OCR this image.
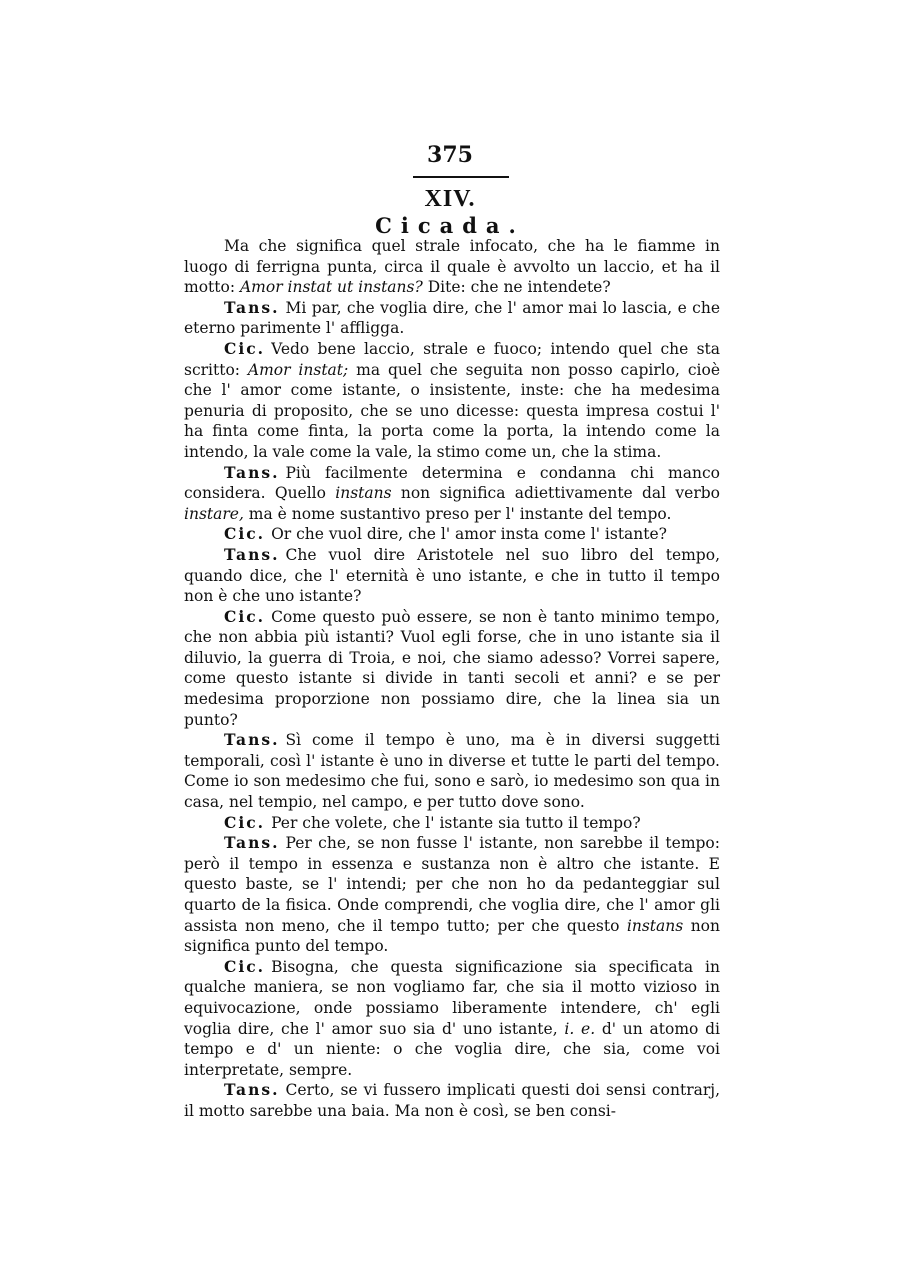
375
XIV.
Cicada.

Ma che significa quel strale infocato, che ha le fiamme in luogo di ferrigna punta, circa il quale è avvolto un laccio, et ha il motto: Amor instat ut instans? Dite: che ne intendete?

Tans. Mi par, che voglia dire, che l' amor mai lo lascia, e che eterno parimente l' affligga.

Cic. Vedo bene laccio, strale e fuoco; intendo quel che sta scritto: Amor instat; ma quel che seguita non posso capirlo, cioè che l' amor come istante, o insistente, inste: che ha medesima penuria di proposito, che se uno dicesse: questa impresa costui l' ha finta come finta, la porta come la porta, la intendo come la intendo, la vale come la vale, la stimo come un, che la stima.

Tans. Più facilmente determina e condanna chi manco considera. Quello instans non significa adiettivamente dal verbo instare, ma è nome sustantivo preso per l' instante del tempo.

Cic. Or che vuol dire, che l' amor insta come l' istante?

Tans. Che vuol dire Aristotele nel suo libro del tempo, quando dice, che l' eternità è uno istante, e che in tutto il tempo non è che uno istante?

Cic. Come questo può essere, se non è tanto minimo tempo, che non abbia più istanti? Vuol egli forse, che in uno istante sia il diluvio, la guerra di Troia, e noi, che siamo adesso? Vorrei sapere, come questo istante si divide in tanti secoli et anni? e se per medesima proporzione non possiamo dire, che la linea sia un punto?

Tans. Sì come il tempo è uno, ma è in diversi suggetti temporali, così l' istante è uno in diverse et tutte le parti del tempo. Come io son medesimo che fui, sono e sarò, io medesimo son qua in casa, nel tempio, nel campo, e per tutto dove sono.

Cic. Per che volete, che l' istante sia tutto il tempo?

Tans. Per che, se non fusse l' istante, non sarebbe il tempo: però il tempo in essenza e sustanza non è altro che istante. E questo baste, se l' intendi; per che non ho da pedanteggiar sul quarto de la fisica. Onde comprendi, che voglia dire, che l' amor gli assista non meno, che il tempo tutto; per che questo instans non significa punto del tempo.

Cic. Bisogna, che questa significazione sia specificata in qualche maniera, se non vogliamo far, che sia il motto vizioso in equivocazione, onde possiamo liberamente intendere, ch' egli voglia dire, che l' amor suo sia d' uno istante, i. e. d' un atomo di tempo e d' un niente: o che voglia dire, che sia, come voi interpretate, sempre.

Tans. Certo, se vi fussero implicati questi doi sensi contrarj, il motto sarebbe una baia. Ma non è così, se ben consi-
